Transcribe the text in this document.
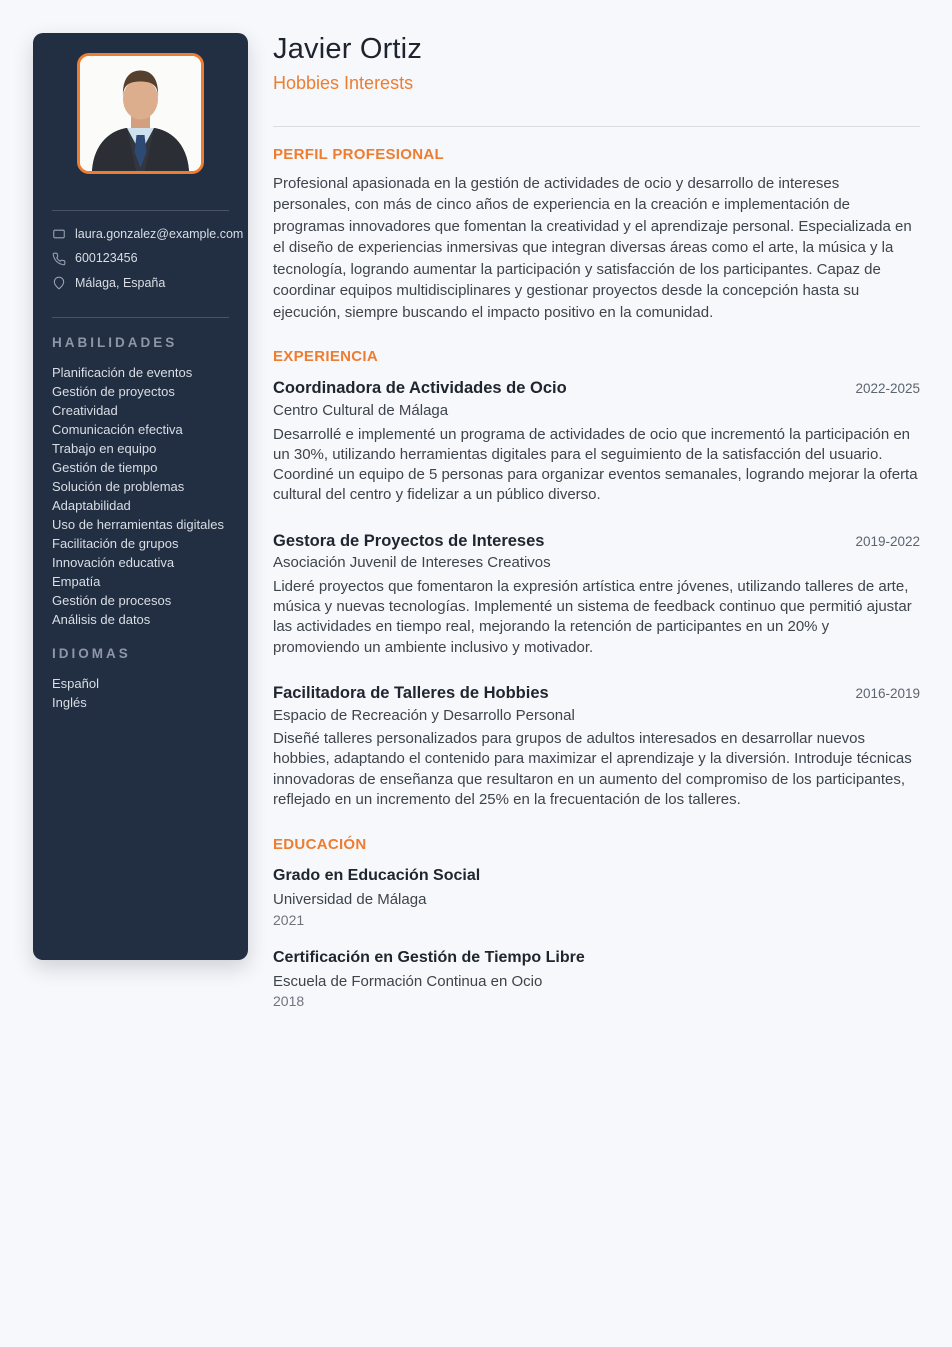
laura.gonzalez@example.com
600123456
Málaga, España
HABILIDADES
Planificación de eventos
Gestión de proyectos
Creatividad
Comunicación efectiva
Trabajo en equipo
Gestión de tiempo
Solución de problemas
Adaptabilidad
Uso de herramientas digitales
Facilitación de grupos
Innovación educativa
Empatía
Gestión de procesos
Análisis de datos
IDIOMAS
Español
Inglés
Javier Ortiz
Hobbies Interests
PERFIL PROFESIONAL

Profesional apasionada en la gestión de actividades de ocio y desarrollo de intereses personales, con más de cinco años de experiencia en la creación e implementación de programas innovadores que fomentan la creatividad y el aprendizaje personal. Especializada en el diseño de experiencias inmersivas que integran diversas áreas como el arte, la música y la tecnología, logrando aumentar la participación y satisfacción de los participantes. Capaz de coordinar equipos multidisciplinares y gestionar proyectos desde la concepción hasta su ejecución, siempre buscando el impacto positivo en la comunidad.

EXPERIENCIA
Coordinadora de Actividades de Ocio	2022-2025
Centro Cultural de Málaga

Desarrollé e implementé un programa de actividades de ocio que incrementó la participación en un 30%, utilizando herramientas digitales para el seguimiento de la satisfacción del usuario. Coordiné un equipo de 5 personas para organizar eventos semanales, logrando mejorar la oferta cultural del centro y fidelizar a un público diverso.

Gestora de Proyectos de Intereses	2019-2022
Asociación Juvenil de Intereses Creativos

Lideré proyectos que fomentaron la expresión artística entre jóvenes, utilizando talleres de arte, música y nuevas tecnologías. Implementé un sistema de feedback continuo que permitió ajustar las actividades en tiempo real, mejorando la retención de participantes en un 20% y promoviendo un ambiente inclusivo y motivador.

Facilitadora de Talleres de Hobbies	2016-2019
Espacio de Recreación y Desarrollo Personal

Diseñé talleres personalizados para grupos de adultos interesados en desarrollar nuevos hobbies, adaptando el contenido para maximizar el aprendizaje y la diversión. Introduje técnicas innovadoras de enseñanza que resultaron en un aumento del compromiso de los participantes, reflejado en un incremento del 25% en la frecuentación de los talleres.

EDUCACIÓN
Grado en Educación Social
Universidad de Málaga
2021
Certificación en Gestión de Tiempo Libre
Escuela de Formación Continua en Ocio
2018
